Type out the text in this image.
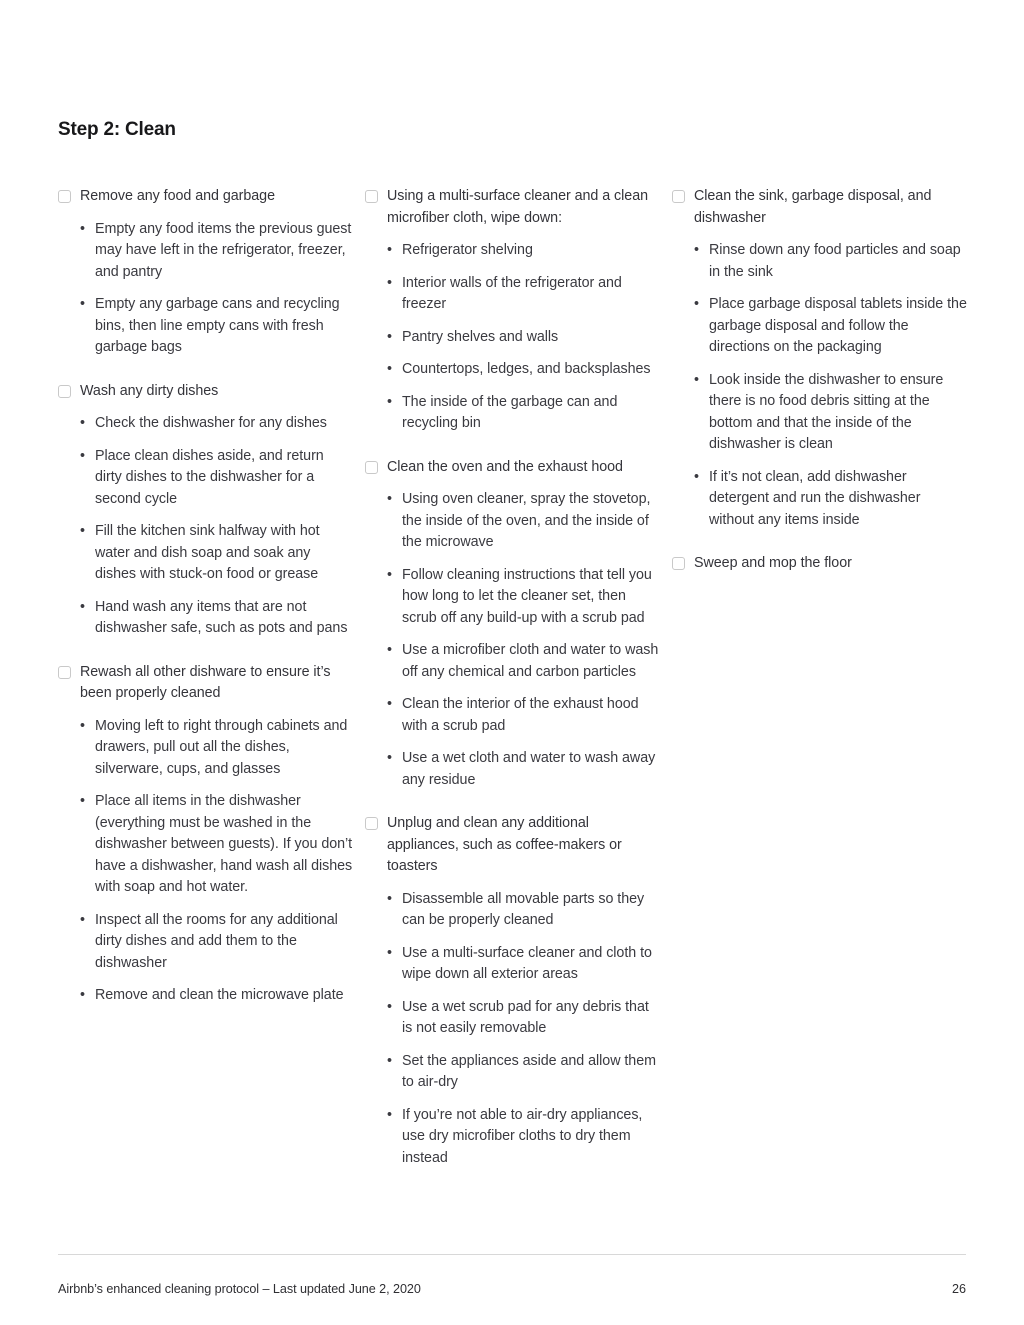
Step 2: Clean
Remove any food and garbage
• Empty any food items the previous guest may have left in the refrigerator, freezer, and pantry
• Empty any garbage cans and recycling bins, then line empty cans with fresh garbage bags
Wash any dirty dishes
• Check the dishwasher for any dishes
• Place clean dishes aside, and return dirty dishes to the dishwasher for a second cycle
• Fill the kitchen sink halfway with hot water and dish soap and soak any dishes with stuck-on food or grease
• Hand wash any items that are not dishwasher safe, such as pots and pans
Rewash all other dishware to ensure it’s been properly cleaned
• Moving left to right through cabinets and drawers, pull out all the dishes, silverware, cups, and glasses
• Place all items in the dishwasher (everything must be washed in the dishwasher between guests). If you don’t have a dishwasher, hand wash all dishes with soap and hot water.
• Inspect all the rooms for any additional dirty dishes and add them to the dishwasher
• Remove and clean the microwave plate
Using a multi-surface cleaner and a clean microfiber cloth, wipe down:
• Refrigerator shelving
• Interior walls of the refrigerator and freezer
• Pantry shelves and walls
• Countertops, ledges, and backsplashes
• The inside of the garbage can and recycling bin
Clean the oven and the exhaust hood
• Using oven cleaner, spray the stovetop, the inside of the oven, and the inside of the microwave
• Follow cleaning instructions that tell you how long to let the cleaner set, then scrub off any build-up with a scrub pad
• Use a microfiber cloth and water to wash off any chemical and carbon particles
• Clean the interior of the exhaust hood with a scrub pad
• Use a wet cloth and water to wash away any residue
Unplug and clean any additional appliances, such as coffee-makers or toasters
• Disassemble all movable parts so they can be properly cleaned
• Use a multi-surface cleaner and cloth to wipe down all exterior areas
• Use a wet scrub pad for any debris that is not easily removable
• Set the appliances aside and allow them to air-dry
• If you’re not able to air-dry appliances, use dry microfiber cloths to dry them instead
Clean the sink, garbage disposal, and dishwasher
• Rinse down any food particles and soap in the sink
• Place garbage disposal tablets inside the garbage disposal and follow the directions on the packaging
• Look inside the dishwasher to ensure there is no food debris sitting at the bottom and that the inside of the dishwasher is clean
• If it’s not clean, add dishwasher detergent and run the dishwasher without any items inside
Sweep and mop the floor
Airbnb’s enhanced cleaning protocol – Last updated June 2, 2020	26
